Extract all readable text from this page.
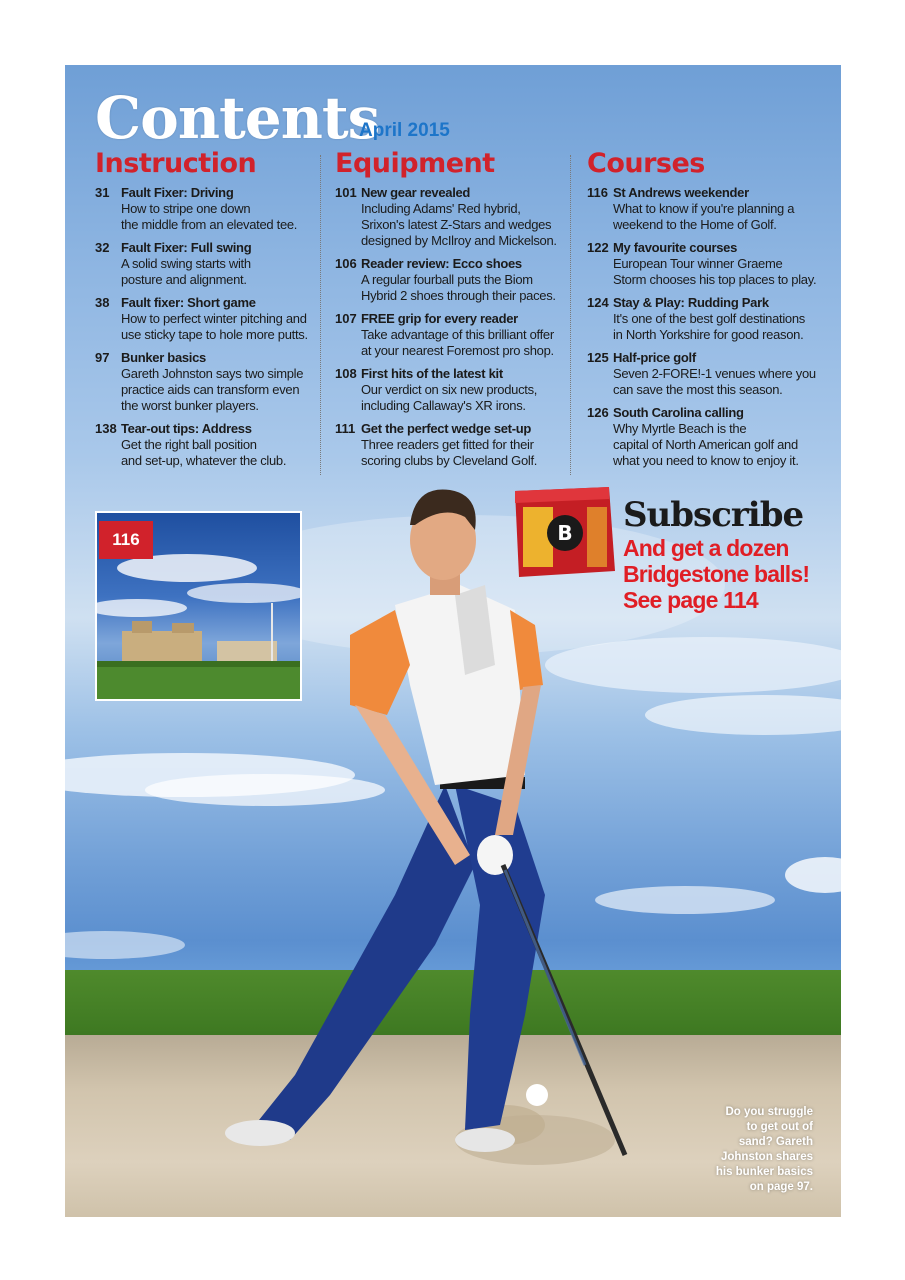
Contents
April 2015
Instruction
31 Fault Fixer: Driving
How to stripe one down
the middle from an elevated tee.
32 Fault Fixer: Full swing
A solid swing starts with
posture and alignment.
38 Fault fixer: Short game
How to perfect winter pitching and
use sticky tape to hole more putts.
97 Bunker basics
Gareth Johnston says two simple
practice aids can transform even
the worst bunker players.
138 Tear-out tips: Address
Get the right ball position
and set-up, whatever the club.
Equipment
101 New gear revealed
Including Adams' Red hybrid,
Srixon's latest Z-Stars and wedges
designed by McIlroy and Mickelson.
106 Reader review: Ecco shoes
A regular fourball puts the Biom
Hybrid 2 shoes through their paces.
107 FREE grip for every reader
Take advantage of this brilliant offer
at your nearest Foremost pro shop.
108 First hits of the latest kit
Our verdict on six new products,
including Callaway's XR irons.
111 Get the perfect wedge set-up
Three readers get fitted for their
scoring clubs by Cleveland Golf.
Courses
116 St Andrews weekender
What to know if you're planning a
weekend to the Home of Golf.
122 My favourite courses
European Tour winner Graeme
Storm chooses his top places to play.
124 Stay & Play: Rudding Park
It's one of the best golf destinations
in North Yorkshire for good reason.
125 Half-price golf
Seven 2-FORE!-1 venues where you
can save the most this season.
126 South Carolina calling
Why Myrtle Beach is the
capital of North American golf and
what you need to know to enjoy it.
116	B Subscribe
And get a dozen
Bridgestone balls!
See page 114
Do you struggle
to get out of
sand? Gareth
Johnston shares
his bunker basics
on page 97.
